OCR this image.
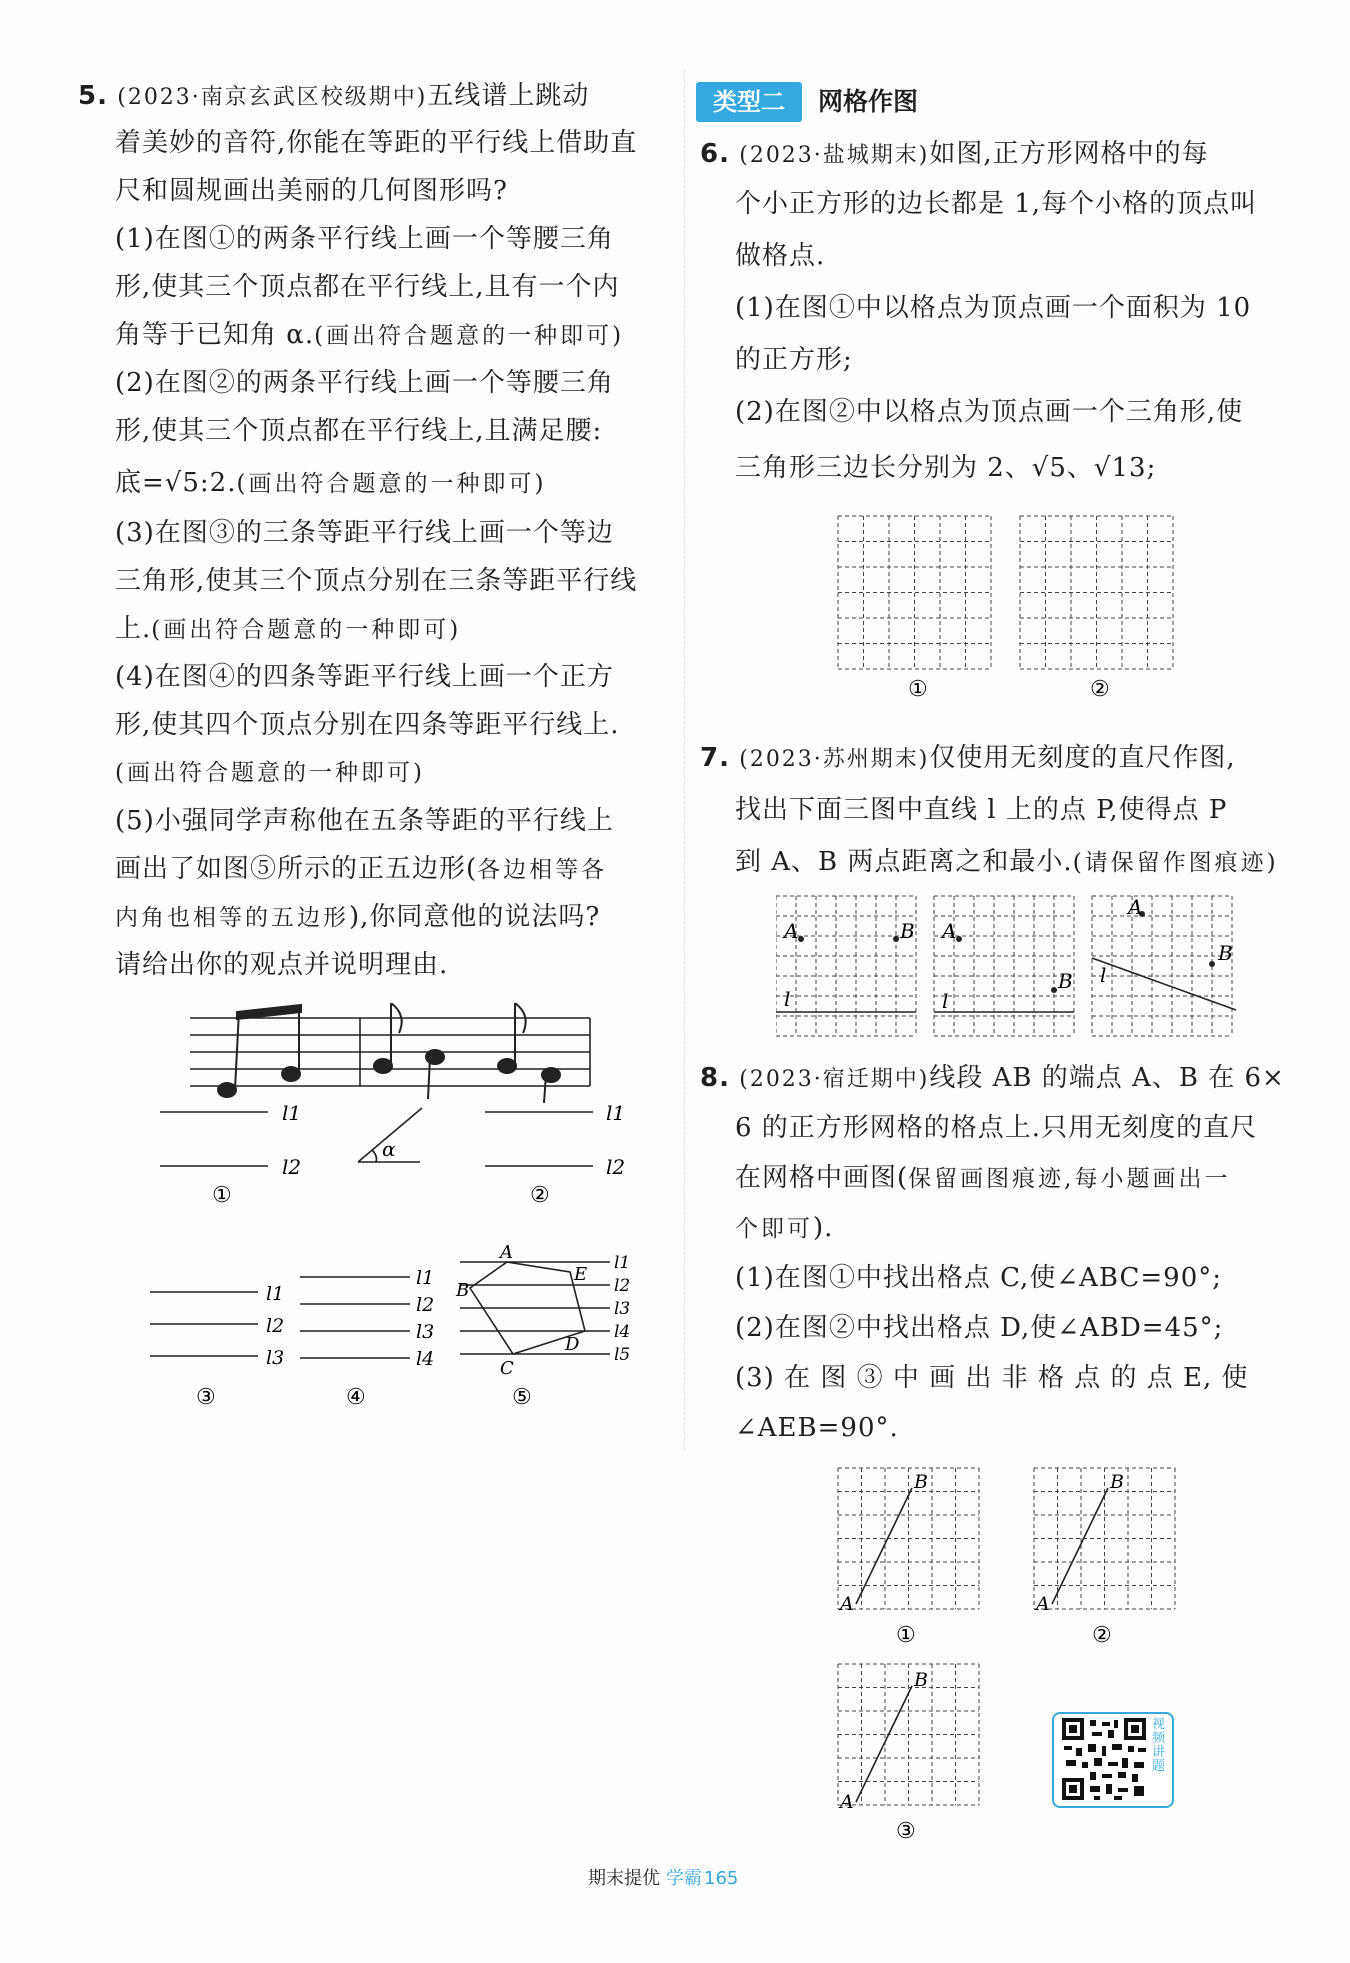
5. (2023·南京玄武区校级期中)五线谱上跳动
着美妙的音符,你能在等距的平行线上借助直
尺和圆规画出美丽的几何图形吗?
(1)在图①的两条平行线上画一个等腰三角
形,使其三个顶点都在平行线上,且有一个内
角等于已知角 α.(画出符合题意的一种即可)
(2)在图②的两条平行线上画一个等腰三角
形,使其三个顶点都在平行线上,且满足腰:
底=√5:2.(画出符合题意的一种即可)
(3)在图③的三条等距平行线上画一个等边
三角形,使其三个顶点分别在三条等距平行线
上.(画出符合题意的一种即可)
(4)在图④的四条等距平行线上画一个正方
形,使其四个顶点分别在四条等距平行线上.
(画出符合题意的一种即可)
(5)小强同学声称他在五条等距的平行线上
画出了如图⑤所示的正五边形(各边相等各
内角也相等的五边形),你同意他的说法吗?
请给出你的观点并说明理由.
l1
l2
α
l1
l2
①	②
l1
l2
l3
l1
l2
l3
l4
l1
l2
l3
l4
l5
A
B
C
D
E
③	④	⑤
类型二	网格作图
6. (2023·盐城期末)如图,正方形网格中的每
个小正方形的边长都是 1,每个小格的顶点叫
做格点.
(1)在图①中以格点为顶点画一个面积为 10
的正方形;
(2)在图②中以格点为顶点画一个三角形,使
三角形三边长分别为 2、√5、√13;
①	②
7. (2023·苏州期末)仅使用无刻度的直尺作图,
找出下面三图中直线 l 上的点 P,使得点 P
到 A、B 两点距离之和最小.(请保留作图痕迹)
A	B
l
A
B
l
A
B
l
8. (2023·宿迁期中)线段 AB 的端点 A、B 在 6×
6 的正方形网格的格点上.只用无刻度的直尺
在网格中画图(保留画图痕迹,每小题画出一
个即可).
(1)在图①中找出格点 C,使∠ABC=90°;
(2)在图②中找出格点 D,使∠ABD=45°;
(3) 在 图 ③ 中 画 出 非 格 点 的 点 E, 使
∠AEB=90°.
A
B
A
B
A
B
①	②
③
视频讲题
期末提优 学霸 165
